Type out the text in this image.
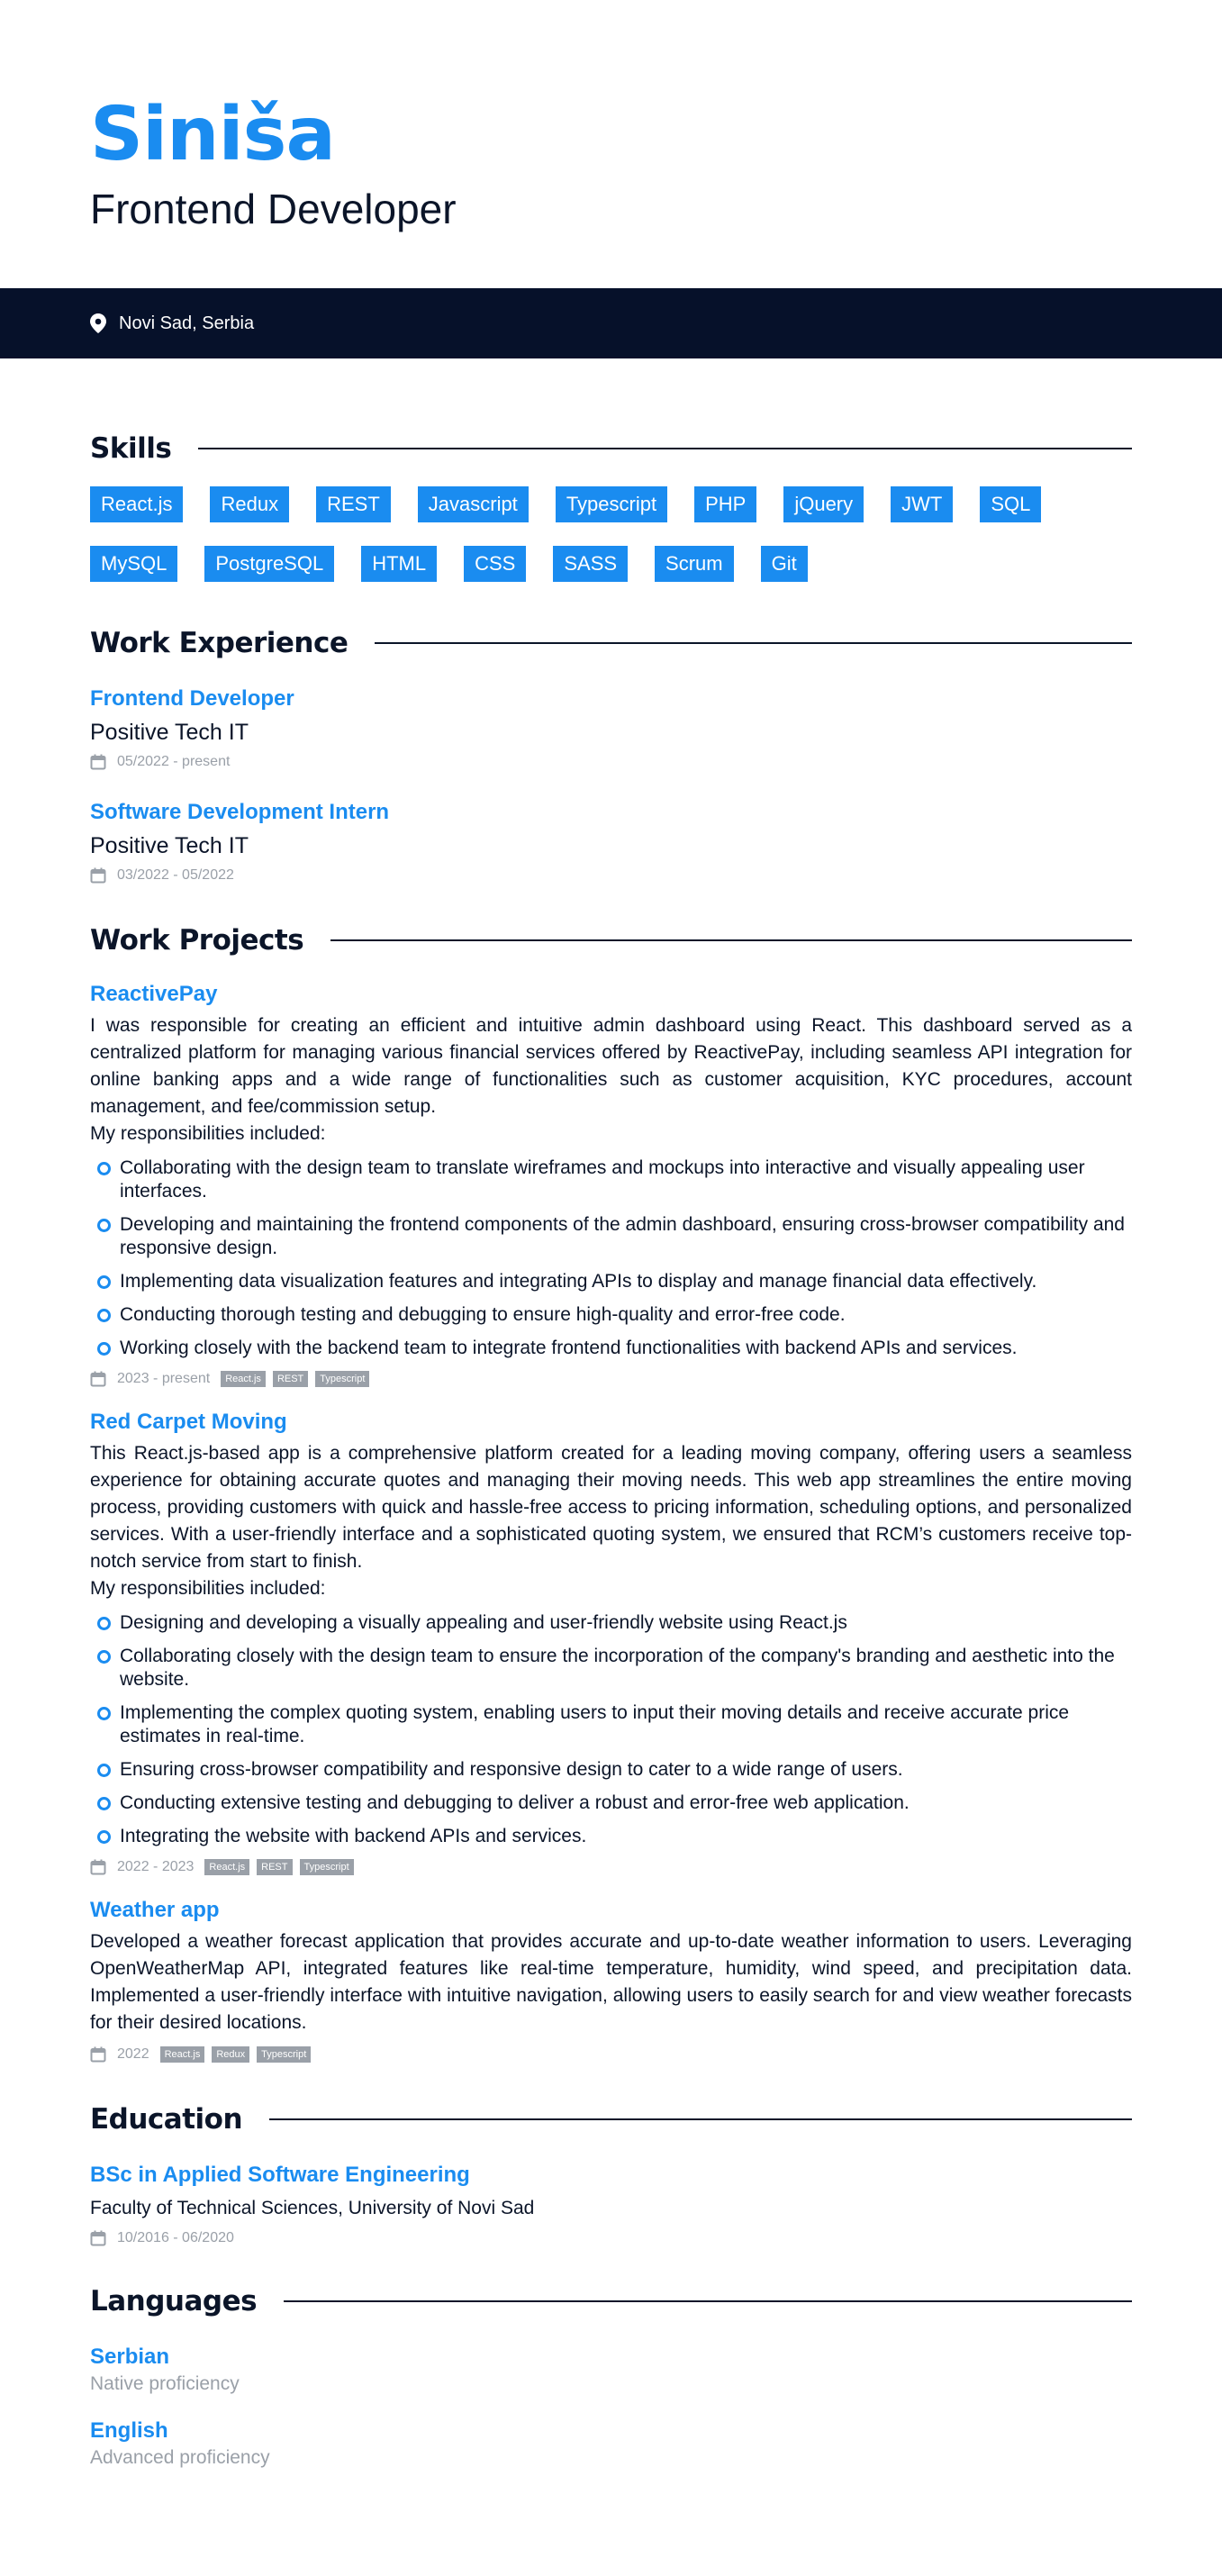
Siniša
Frontend Developer
Novi Sad, Serbia
Skills
React.js	Redux	REST	Javascript	Typescript	PHP	jQuery	JWT	SQL
MySQL	PostgreSQL	HTML	CSS	SASS	Scrum	Git
Work Experience
Frontend Developer
Positive Tech IT
05/2022 - present
Software Development Intern
Positive Tech IT
03/2022 - 05/2022
Work Projects
ReactivePay
I was responsible for creating an efficient and intuitive admin dashboard using React. This dashboard served as a centralized platform for managing various financial services offered by ReactivePay, including seamless API integration for online banking apps and a wide range of functionalities such as customer acquisition, KYC procedures, account management, and fee/commission setup.
My responsibilities included:
Collaborating with the design team to translate wireframes and mockups into interactive and visually appealing user interfaces.
Developing and maintaining the frontend components of the admin dashboard, ensuring cross-browser compatibility and responsive design.
Implementing data visualization features and integrating APIs to display and manage financial data effectively.
Conducting thorough testing and debugging to ensure high-quality and error-free code.
Working closely with the backend team to integrate frontend functionalities with backend APIs and services.
2023 - present	React.js	REST	Typescript
Red Carpet Moving
This React.js-based app is a comprehensive platform created for a leading moving company, offering users a seamless experience for obtaining accurate quotes and managing their moving needs. This web app streamlines the entire moving process, providing customers with quick and hassle-free access to pricing information, scheduling options, and personalized services. With a user-friendly interface and a sophisticated quoting system, we ensured that RCM’s customers receive top-notch service from start to finish.
My responsibilities included:
Designing and developing a visually appealing and user-friendly website using React.js
Collaborating closely with the design team to ensure the incorporation of the company's branding and aesthetic into the website.
Implementing the complex quoting system, enabling users to input their moving details and receive accurate price estimates in real-time.
Ensuring cross-browser compatibility and responsive design to cater to a wide range of users.
Conducting extensive testing and debugging to deliver a robust and error-free web application.
Integrating the website with backend APIs and services.
2022 - 2023	React.js	REST	Typescript
Weather app
Developed a weather forecast application that provides accurate and up-to-date weather information to users. Leveraging OpenWeatherMap API, integrated features like real-time temperature, humidity, wind speed, and precipitation data. Implemented a user-friendly interface with intuitive navigation, allowing users to easily search for and view weather forecasts for their desired locations.
2022	React.js	Redux	Typescript
Education
BSc in Applied Software Engineering
Faculty of Technical Sciences, University of Novi Sad
10/2016 - 06/2020
Languages
Serbian
Native proficiency
English
Advanced proficiency
